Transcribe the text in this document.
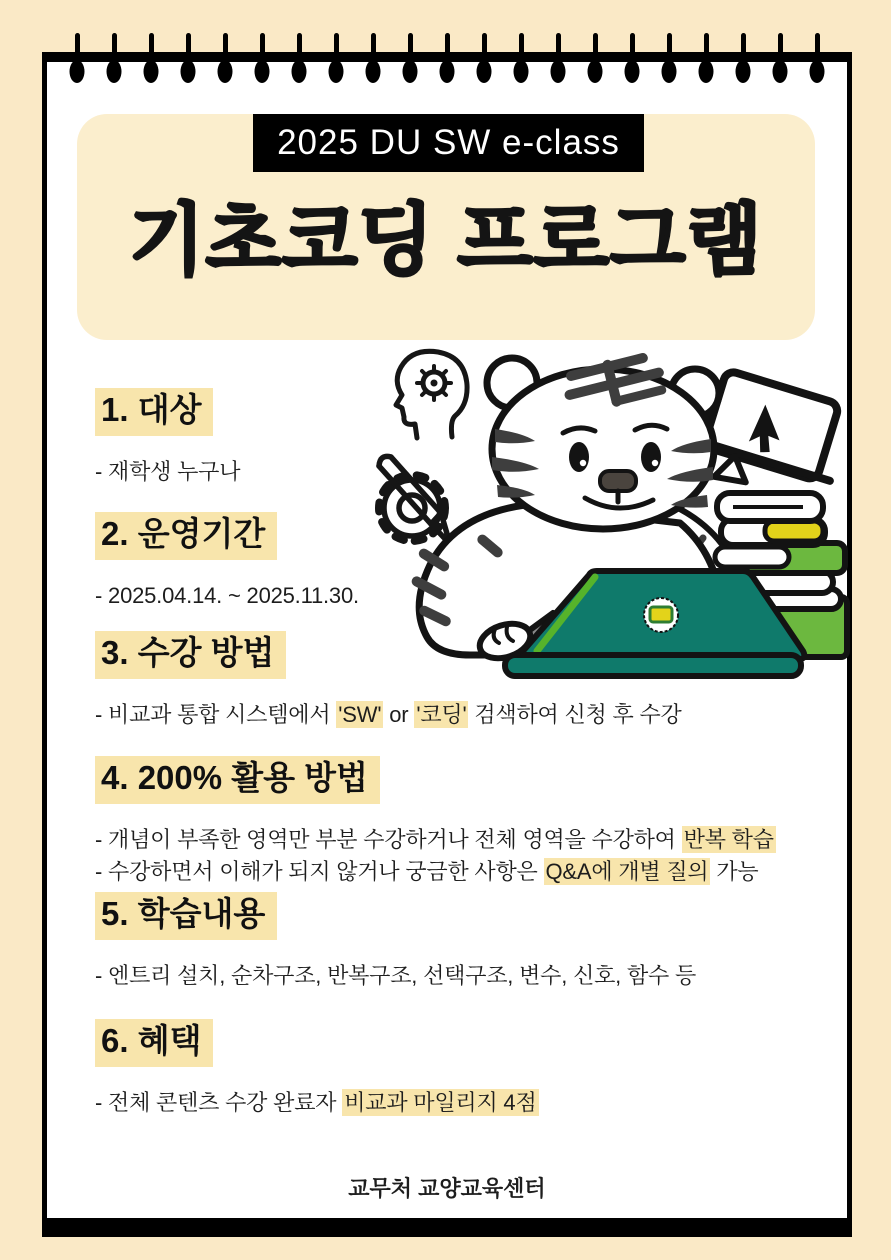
기초코딩 프로그램
2025 DU SW e-class
1. 대상
- 재학생 누구나
2. 운영기간
- 2025.04.14. ~ 2025.11.30.
3. 수강 방법
- 비교과 통합 시스템에서 'SW' or '코딩' 검색하여 신청 후 수강
4. 200% 활용 방법
- 개념이 부족한 영역만 부분 수강하거나 전체 영역을 수강하여 반복 학습
- 수강하면서 이해가 되지 않거나 궁금한 사항은 Q&A에 개별 질의 가능
5. 학습내용
- 엔트리 설치, 순차구조, 반복구조, 선택구조, 변수, 신호, 함수 등
6. 혜택
- 전체 콘텐츠 수강 완료자 비교과 마일리지 4점
교무처 교양교육센터
